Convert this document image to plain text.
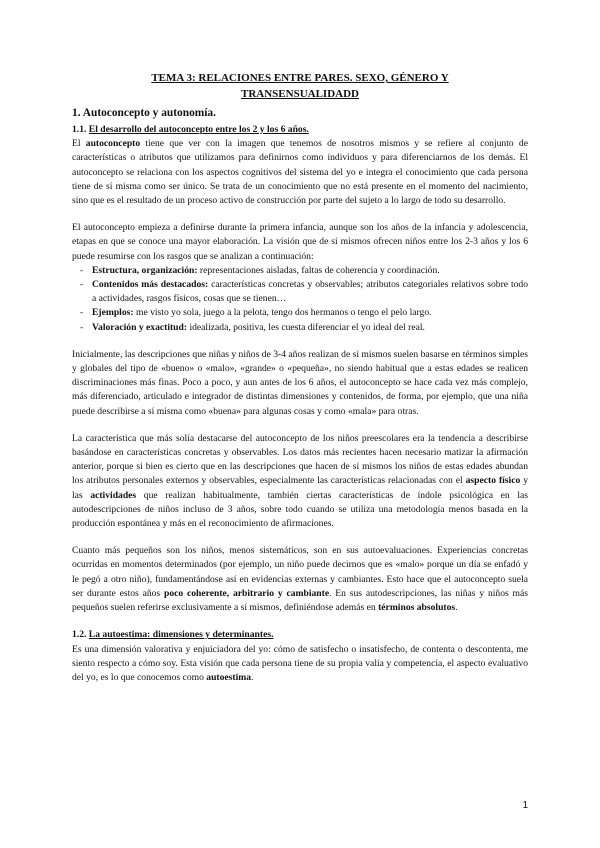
TEMA 3: RELACIONES ENTRE PARES. SEXO, GÉNERO Y TRANSENSUALIDADD
1. Autoconcepto y autonomía.
1.1. El desarrollo del autoconcepto entre los 2 y los 6 años.

El autoconcepto tiene que ver con la imagen que tenemos de nosotros mismos y se refiere al conjunto de características o atributos que utilizamos para definirnos como individuos y para diferenciarnos de los demás. El autoconcepto se relaciona con los aspectos cognitivos del sistema del yo e integra el conocimiento que cada persona tiene de sí misma como ser único. Se trata de un conocimiento que no está presente en el momento del nacimiento, sino que es el resultado de un proceso activo de construcción por parte del sujeto a lo largo de todo su desarrollo.

El autoconcepto empieza a definirse durante la primera infancia, aunque son los años de la infancia y adolescencia, etapas en que se conoce una mayor elaboración. La visión que de sí mismos ofrecen niños entre los 2-3 años y los 6 puede resumirse con los rasgos que se analizan a continuación:

- Estructura, organización: representaciones aisladas, faltas de coherencia y coordinación.
- Contenidos más destacados: características concretas y observables; atributos categoriales relativos sobre todo a actividades, rasgos físicos, cosas que se tienen…
- Ejemplos: me visto yo sola, juego a la pelota, tengo dos hermanos o tengo el pelo largo.
- Valoración y exactitud: idealizada, positiva, les cuesta diferenciar el yo ideal del real.

Inicialmente, las descripciones que niñas y niños de 3-4 años realizan de sí mismos suelen basarse en términos simples y globales del tipo de «bueno» o «malo», «grande» o «pequeña», no siendo habitual que a estas edades se realicen discriminaciones más finas. Poco a poco, y aun antes de los 6 años, el autoconcepto se hace cada vez más complejo, más diferenciado, articulado e integrador de distintas dimensiones y contenidos, de forma, por ejemplo, que una niña puede describirse a sí misma como «buena» para algunas cosas y como «mala» para otras.

La característica que más solía destacarse del autoconcepto de los niños preescolares era la tendencia a describirse basándose en características concretas y observables. Los datos más recientes hacen necesario matizar la afirmación anterior, porque si bien es cierto que en las descripciones que hacen de sí mismos los niños de estas edades abundan los atributos personales externos y observables, especialmente las características relacionadas con el aspecto físico y las actividades que realizan habitualmente, también ciertas características de índole psicológica en las autodescripciones de niños incluso de 3 años, sobre todo cuando se utiliza una metodología menos basada en la producción espontánea y más en el reconocimiento de afirmaciones.

Cuanto más pequeños son los niños, menos sistemáticos, son en sus autoevaluaciones. Experiencias concretas ocurridas en momentos determinados (por ejemplo, un niño puede decirnos que es «malo» porque un día se enfadó y le pegó a otro niño), fundamentándose así en evidencias externas y cambiantes. Esto hace que el autoconcepto suela ser durante estos años poco coherente, arbitrario y cambiante. En sus autodescripciones, las niñas y niños más pequeños suelen referirse exclusivamente a sí mismos, definiéndose además en términos absolutos.

1.2. La autoestima: dimensiones y determinantes.

Es una dimensión valorativa y enjuiciadora del yo: cómo de satisfecho o insatisfecho, de contenta o descontenta, me siento respecto a cómo soy. Esta visión que cada persona tiene de su propia valía y competencia, el aspecto evaluativo del yo, es lo que conocemos como autoestima.

1
